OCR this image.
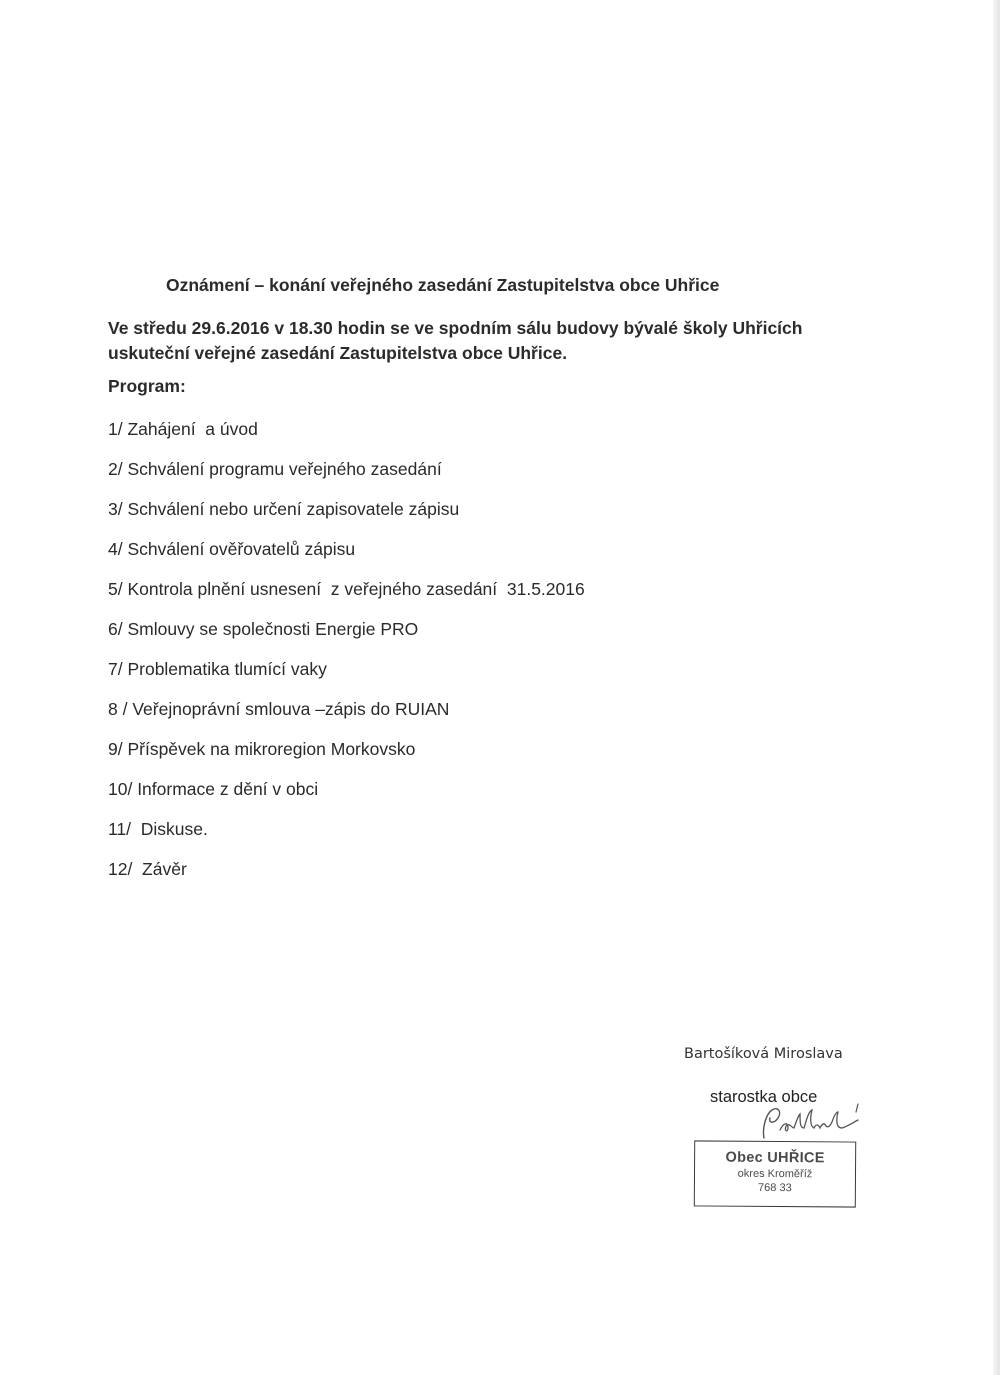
Oznámení – konání veřejného zasedání Zastupitelstva obce Uhřice
Ve středu 29.6.2016 v 18.30 hodin se ve spodním sálu budovy bývalé školy Uhřicích
uskuteční veřejné zasedání Zastupitelstva obce Uhřice.
Program:
1/ Zahájení  a úvod
2/ Schválení programu veřejného zasedání
3/ Schválení nebo určení zapisovatele zápisu
4/ Schválení ověřovatelů zápisu
5/ Kontrola plnění usnesení  z veřejného zasedání  31.5.2016
6/ Smlouvy se společnosti Energie PRO
7/ Problematika tlumící vaky
8 / Veřejnoprávní smlouva –zápis do RUIAN
9/ Příspěvek na mikroregion Morkovsko
10/ Informace z dění v obci
11/  Diskuse.
12/  Závěr
Bartošíková Miroslava
starostka obce
Obec UHŘICE
okres Kroměříž
768 33
